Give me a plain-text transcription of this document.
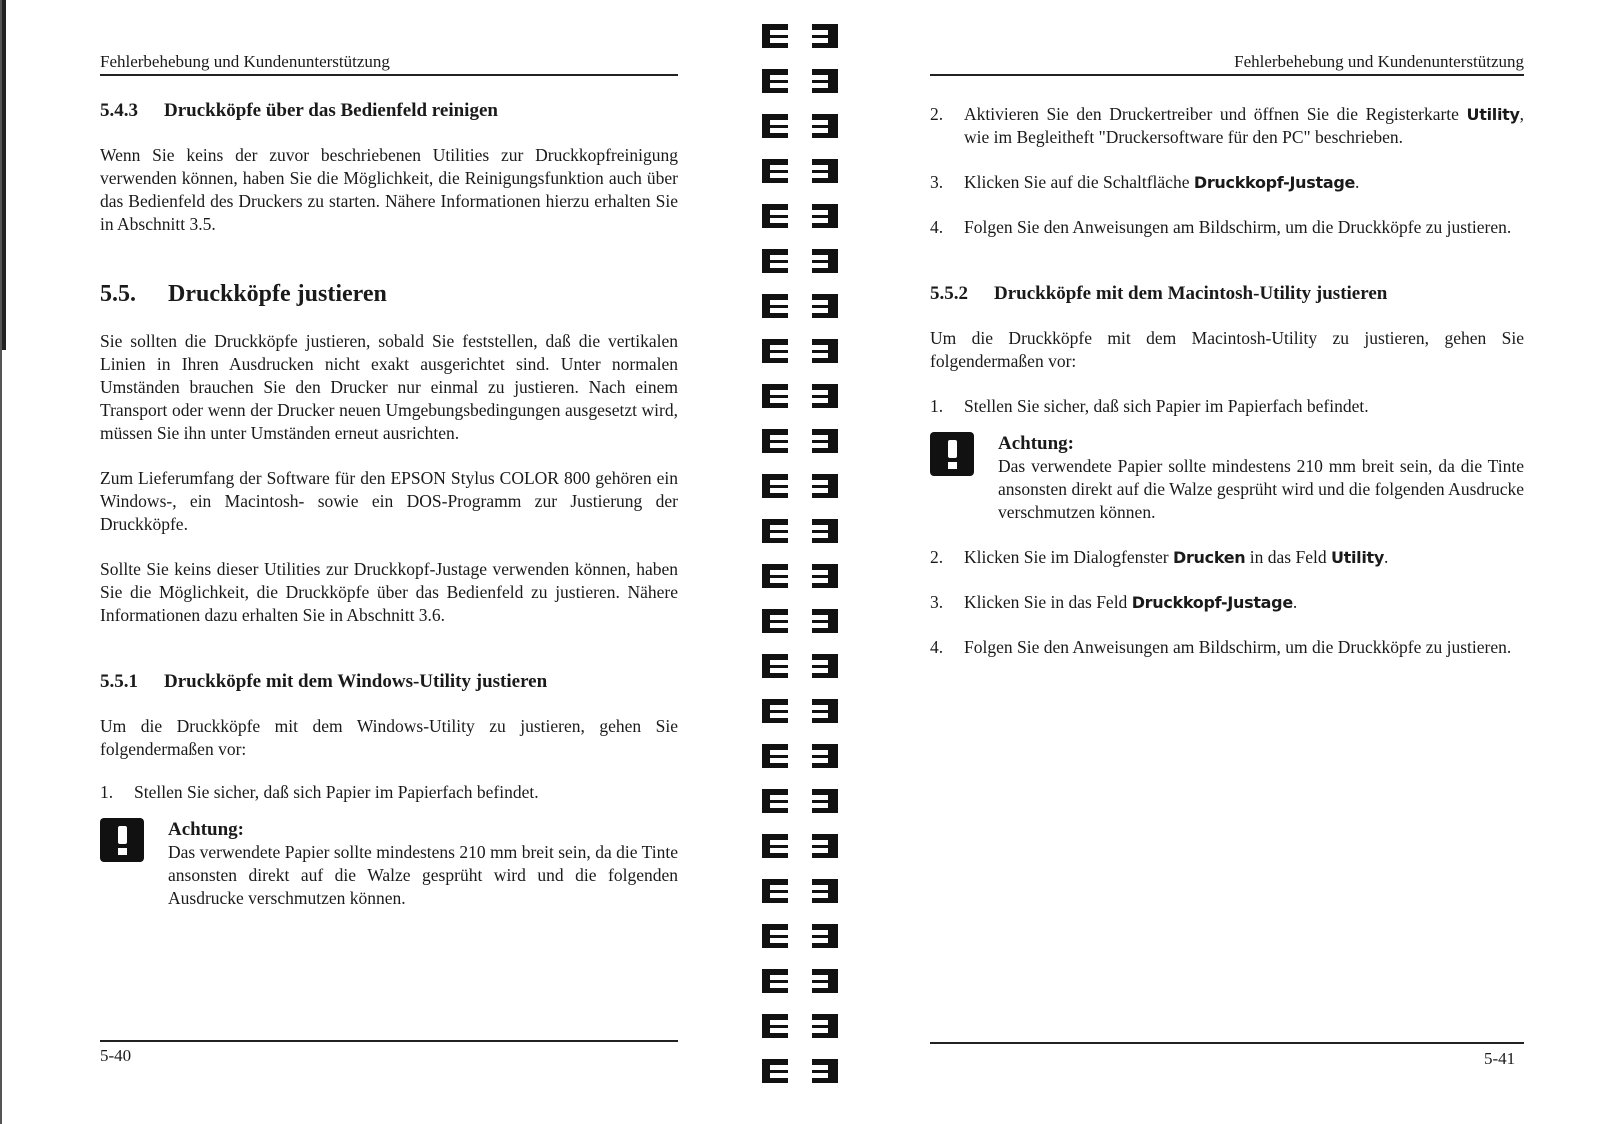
Fehlerbehebung und Kundenunterstützung
5.4.3 Druckköpfe über das Bedienfeld reinigen

Wenn Sie keins der zuvor beschriebenen Utilities zur Druckkopfreinigung verwenden können, haben Sie die Möglichkeit, die Reinigungsfunktion auch über das Bedienfeld des Druckers zu starten. Nähere Informationen hierzu erhalten Sie in Abschnitt 3.5.

5.5. Druckköpfe justieren

Sie sollten die Druckköpfe justieren, sobald Sie feststellen, daß die vertikalen Linien in Ihren Ausdrucken nicht exakt ausgerichtet sind. Unter normalen Umständen brauchen Sie den Drucker nur einmal zu justieren. Nach einem Transport oder wenn der Drucker neuen Umgebungsbedingungen ausgesetzt wird, müssen Sie ihn unter Umständen erneut ausrichten.

Zum Lieferumfang der Software für den EPSON Stylus COLOR 800 gehören ein Windows-, ein Macintosh- sowie ein DOS-Programm zur Justierung der Druckköpfe.

Sollte Sie keins dieser Utilities zur Druckkopf-Justage verwenden können, haben Sie die Möglichkeit, die Druckköpfe über das Bedienfeld zu justieren. Nähere Informationen dazu erhalten Sie in Abschnitt 3.6.

5.5.1 Druckköpfe mit dem Windows-Utility justieren

Um die Druckköpfe mit dem Windows-Utility zu justieren, gehen Sie folgendermaßen vor:

1.	Stellen Sie sicher, daß sich Papier im Papierfach befindet.
Achtung:
Das verwendete Papier sollte mindestens 210 mm breit sein, da die Tinte ansonsten direkt auf die Walze gesprüht wird und die folgenden Ausdrucke verschmutzen können.
5-40
Fehlerbehebung und Kundenunterstützung
2.	Aktivieren Sie den Druckertreiber und öffnen Sie die Registerkarte Utility, wie im Begleitheft "Druckersoftware für den PC" beschrieben.
3.	Klicken Sie auf die Schaltfläche Druckkopf-Justage.
4.	Folgen Sie den Anweisungen am Bildschirm, um die Druckköpfe zu justieren.
5.5.2 Druckköpfe mit dem Macintosh-Utility justieren

Um die Druckköpfe mit dem Macintosh-Utility zu justieren, gehen Sie folgendermaßen vor:

1.	Stellen Sie sicher, daß sich Papier im Papierfach befindet.
Achtung:
Das verwendete Papier sollte mindestens 210 mm breit sein, da die Tinte ansonsten direkt auf die Walze gesprüht wird und die folgenden Ausdrucke verschmutzen können.
2.	Klicken Sie im Dialogfenster Drucken in das Feld Utility.
3.	Klicken Sie in das Feld Druckkopf-Justage.
4.	Folgen Sie den Anweisungen am Bildschirm, um die Druckköpfe zu justieren.
5-41
